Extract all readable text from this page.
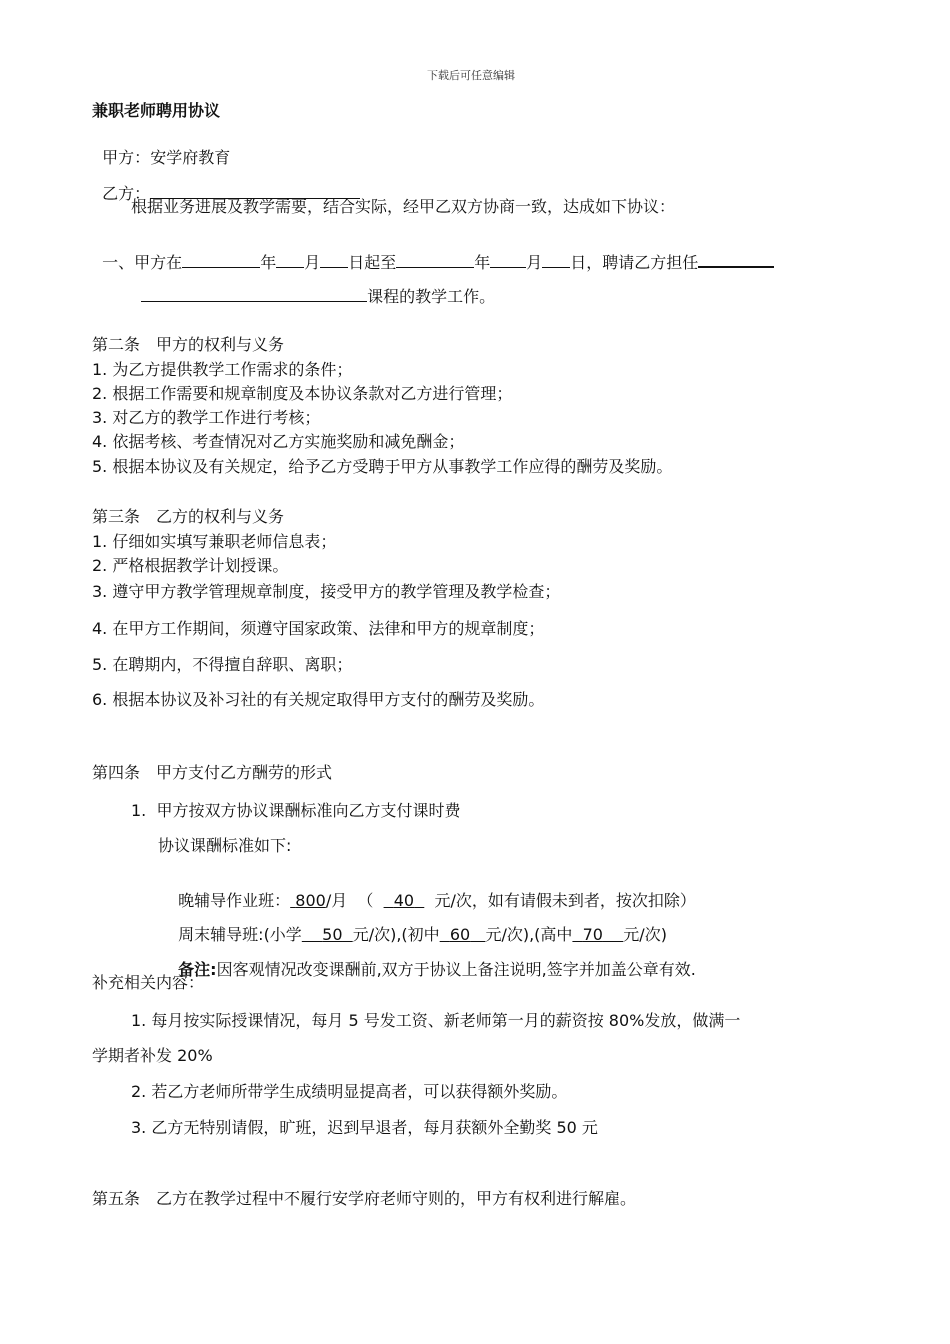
下载后可任意编辑
兼职老师聘用协议

甲方：安学府教育

乙方：

根据业务进展及教学需要，结合实际，经甲乙双方协商一致，达成如下协议：

一、甲方在	年 月 日起至	年 月 日，聘请乙方担任

课程的教学工作。

第二条　甲方的权利与义务
1. 为乙方提供教学工作需求的条件；
2. 根据工作需要和规章制度及本协议条款对乙方进行管理；
3. 对乙方的教学工作进行考核；
4. 依据考核、考查情况对乙方实施奖励和减免酬金；
5. 根据本协议及有关规定，给予乙方受聘于甲方从事教学工作应得的酬劳及奖励。
第三条　乙方的权利与义务
1. 仔细如实填写兼职老师信息表；
2. 严格根据教学计划授课。
3. 遵守甲方教学管理规章制度，接受甲方的教学管理及教学检查；
4. 在甲方工作期间，须遵守国家政策、法律和甲方的规章制度；
5. 在聘期内，不得擅自辞职、离职；
6. 根据本协议及补习社的有关规定取得甲方支付的酬劳及奖励。
第四条　甲方支付乙方酬劳的形式
1.  甲方按双方协议课酬标准向乙方支付课时费
协议课酬标准如下:

晚辅导作业班： 800/月  （    40    元/次，如有请假未到者，按次扣除）

周末辅导班:(小学 50 元/次),(初中 60 元/次),(高中 70 元/次)

备注:因客观情况改变课酬前,双方于协议上备注说明,签字并加盖公章有效.

补充相关内容：
1. 每月按实际授课情况，每月 5 号发工资、新老师第一月的薪资按 80%发放，做满一
学期者补发 20%
2. 若乙方老师所带学生成绩明显提高者，可以获得额外奖励。
3. 乙方无特别请假，旷班，迟到早退者，每月获额外全勤奖 50 元
第五条　乙方在教学过程中不履行安学府老师守则的，甲方有权利进行解雇。
